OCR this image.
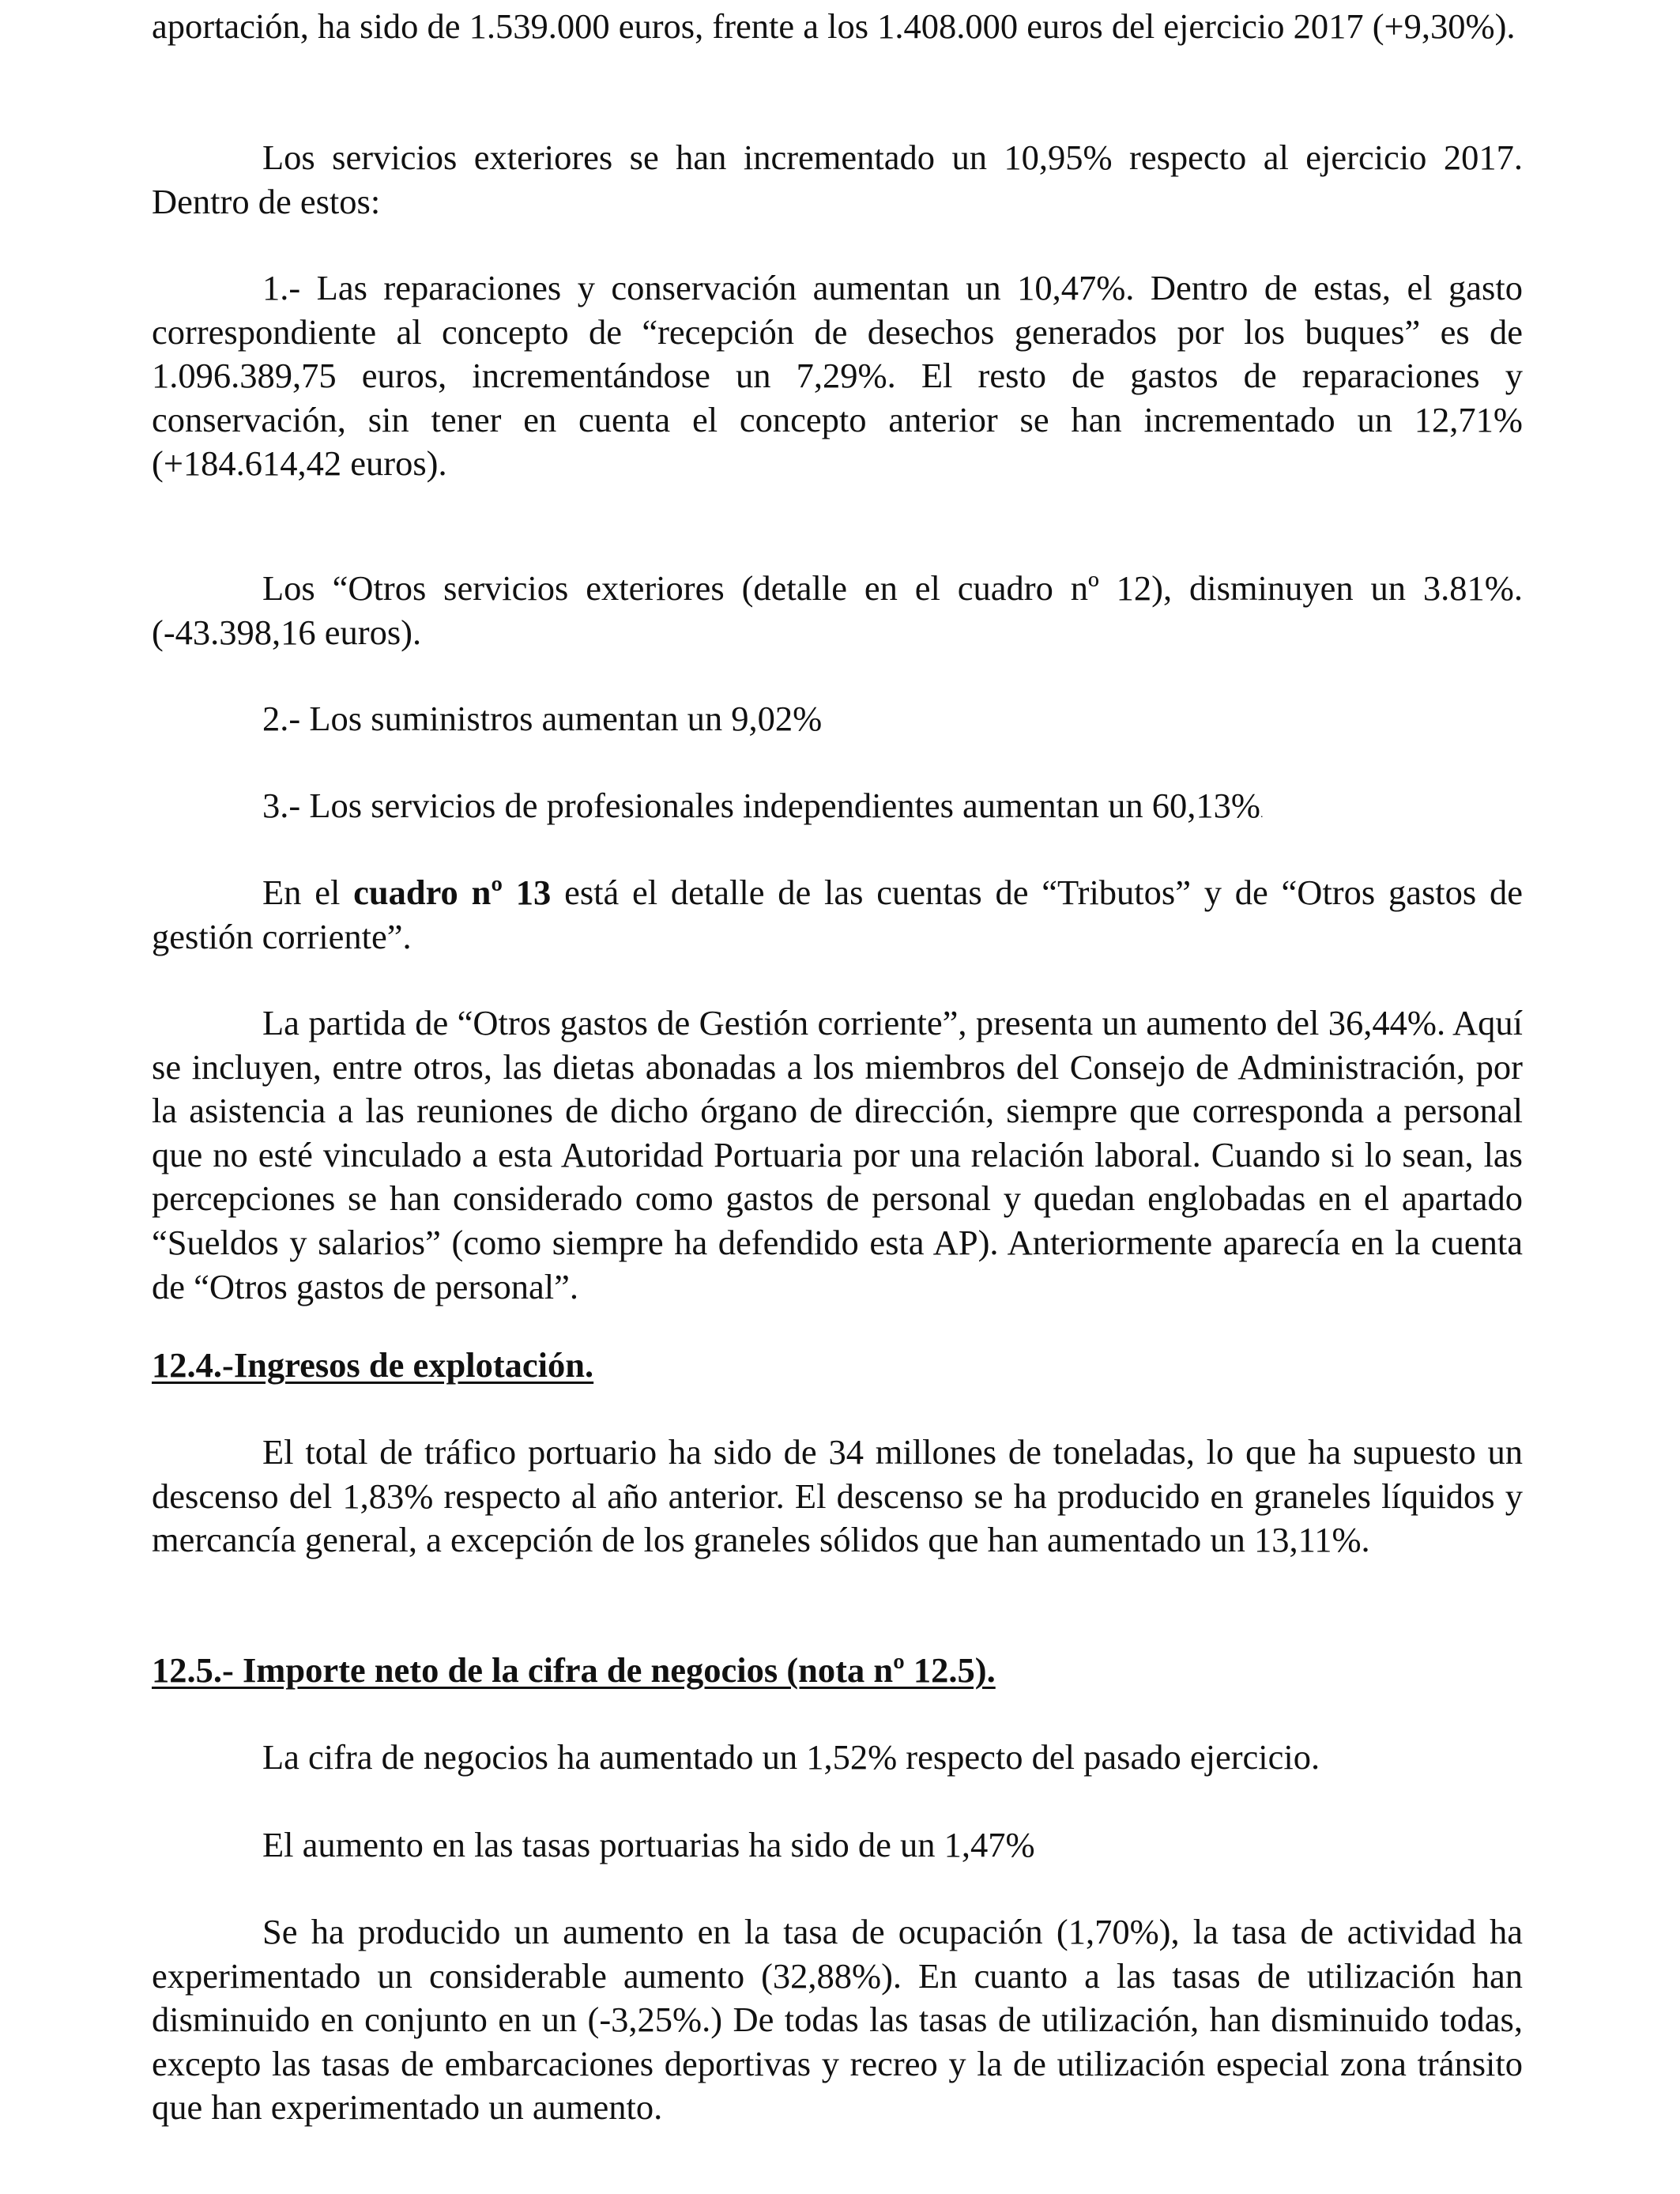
aportación, ha sido de 1.539.000 euros, frente a los 1.408.000 euros del ejercicio 2017 (+9,30%).

Los servicios exteriores se han incrementado un 10,95% respecto al ejercicio 2017. Dentro de estos:

1.- Las reparaciones y conservación aumentan un 10,47%. Dentro de estas, el gasto correspondiente al concepto de “recepción de desechos generados por los buques” es de 1.096.389,75 euros, incrementándose un 7,29%. El resto de gastos de reparaciones y conservación, sin tener en cuenta el concepto anterior se han incrementado un 12,71% (+184.614,42 euros).

Los “Otros servicios exteriores (detalle en el cuadro nº 12), disminuyen un 3.81%. (-43.398,16 euros).

2.- Los suministros aumentan un 9,02%

3.- Los servicios de profesionales independientes aumentan un 60,13%.

En el cuadro nº 13 está el detalle de las cuentas de “Tributos” y de “Otros gastos de gestión corriente”.

La partida de “Otros gastos de Gestión corriente”, presenta un aumento del 36,44%. Aquí se incluyen, entre otros, las dietas abonadas a los miembros del Consejo de Administración, por la asistencia a las reuniones de dicho órgano de dirección, siempre que corresponda a personal que no esté vinculado a esta Autoridad Portuaria por una relación laboral. Cuando si lo sean, las percepciones se han considerado como gastos de personal y quedan englobadas en el apartado “Sueldos y salarios” (como siempre ha defendido esta AP). Anteriormente aparecía en la cuenta de “Otros gastos de personal”.

12.4.-Ingresos de explotación.

El total de tráfico portuario ha sido de 34 millones de toneladas, lo que ha supuesto un descenso del 1,83% respecto al año anterior. El descenso se ha producido en graneles líquidos y mercancía general, a excepción de los graneles sólidos que han aumentado un 13,11%.

12.5.- Importe neto de la cifra de negocios (nota nº 12.5).

La cifra de negocios ha aumentado un 1,52% respecto del pasado ejercicio.

El aumento en las tasas portuarias ha sido de un 1,47%

Se ha producido un aumento en la tasa de ocupación (1,70%), la tasa de actividad ha experimentado un considerable aumento (32,88%). En cuanto a las tasas de utilización han disminuido en conjunto en un (-3,25%.) De todas las tasas de utilización, han disminuido todas, excepto las tasas de embarcaciones deportivas y recreo y la de utilización especial zona tránsito que han experimentado un aumento.
